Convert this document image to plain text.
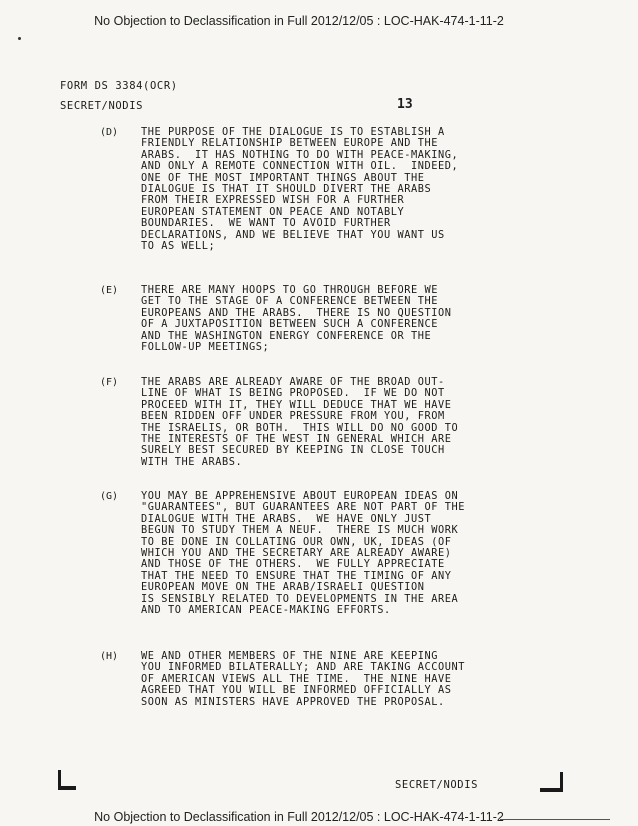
No Objection to Declassification in Full 2012/12/05 : LOC-HAK-474-1-11-2
FORM DS 3384(OCR)
SECRET/NODIS	13
(D) THE PURPOSE OF THE DIALOGUE IS TO ESTABLISH A
FRIENDLY RELATIONSHIP BETWEEN EUROPE AND THE
ARABS.  IT HAS NOTHING TO DO WITH PEACE-MAKING,
AND ONLY A REMOTE CONNECTION WITH OIL.  INDEED,
ONE OF THE MOST IMPORTANT THINGS ABOUT THE
DIALOGUE IS THAT IT SHOULD DIVERT THE ARABS
FROM THEIR EXPRESSED WISH FOR A FURTHER
EUROPEAN STATEMENT ON PEACE AND NOTABLY
BOUNDARIES.  WE WANT TO AVOID FURTHER
DECLARATIONS, AND WE BELIEVE THAT YOU WANT US
TO AS WELL;
(E) THERE ARE MANY HOOPS TO GO THROUGH BEFORE WE
GET TO THE STAGE OF A CONFERENCE BETWEEN THE
EUROPEANS AND THE ARABS.  THERE IS NO QUESTION
OF A JUXTAPOSITION BETWEEN SUCH A CONFERENCE
AND THE WASHINGTON ENERGY CONFERENCE OR THE
FOLLOW-UP MEETINGS;
(F) THE ARABS ARE ALREADY AWARE OF THE BROAD OUT-
LINE OF WHAT IS BEING PROPOSED.  IF WE DO NOT
PROCEED WITH IT, THEY WILL DEDUCE THAT WE HAVE
BEEN RIDDEN OFF UNDER PRESSURE FROM YOU, FROM
THE ISRAELIS, OR BOTH.  THIS WILL DO NO GOOD TO
THE INTERESTS OF THE WEST IN GENERAL WHICH ARE
SURELY BEST SECURED BY KEEPING IN CLOSE TOUCH
WITH THE ARABS.
(G) YOU MAY BE APPREHENSIVE ABOUT EUROPEAN IDEAS ON
"GUARANTEES", BUT GUARANTEES ARE NOT PART OF THE
DIALOGUE WITH THE ARABS.  WE HAVE ONLY JUST
BEGUN TO STUDY THEM A NEUF.  THERE IS MUCH WORK
TO BE DONE IN COLLATING OUR OWN, UK, IDEAS (OF
WHICH YOU AND THE SECRETARY ARE ALREADY AWARE)
AND THOSE OF THE OTHERS.  WE FULLY APPRECIATE
THAT THE NEED TO ENSURE THAT THE TIMING OF ANY
EUROPEAN MOVE ON THE ARAB/ISRAELI QUESTION
IS SENSIBLY RELATED TO DEVELOPMENTS IN THE AREA
AND TO AMERICAN PEACE-MAKING EFFORTS.
(H) WE AND OTHER MEMBERS OF THE NINE ARE KEEPING
YOU INFORMED BILATERALLY; AND ARE TAKING ACCOUNT
OF AMERICAN VIEWS ALL THE TIME.  THE NINE HAVE
AGREED THAT YOU WILL BE INFORMED OFFICIALLY AS
SOON AS MINISTERS HAVE APPROVED THE PROPOSAL.
SECRET/NODIS
No Objection to Declassification in Full 2012/12/05 : LOC-HAK-474-1-11-2
